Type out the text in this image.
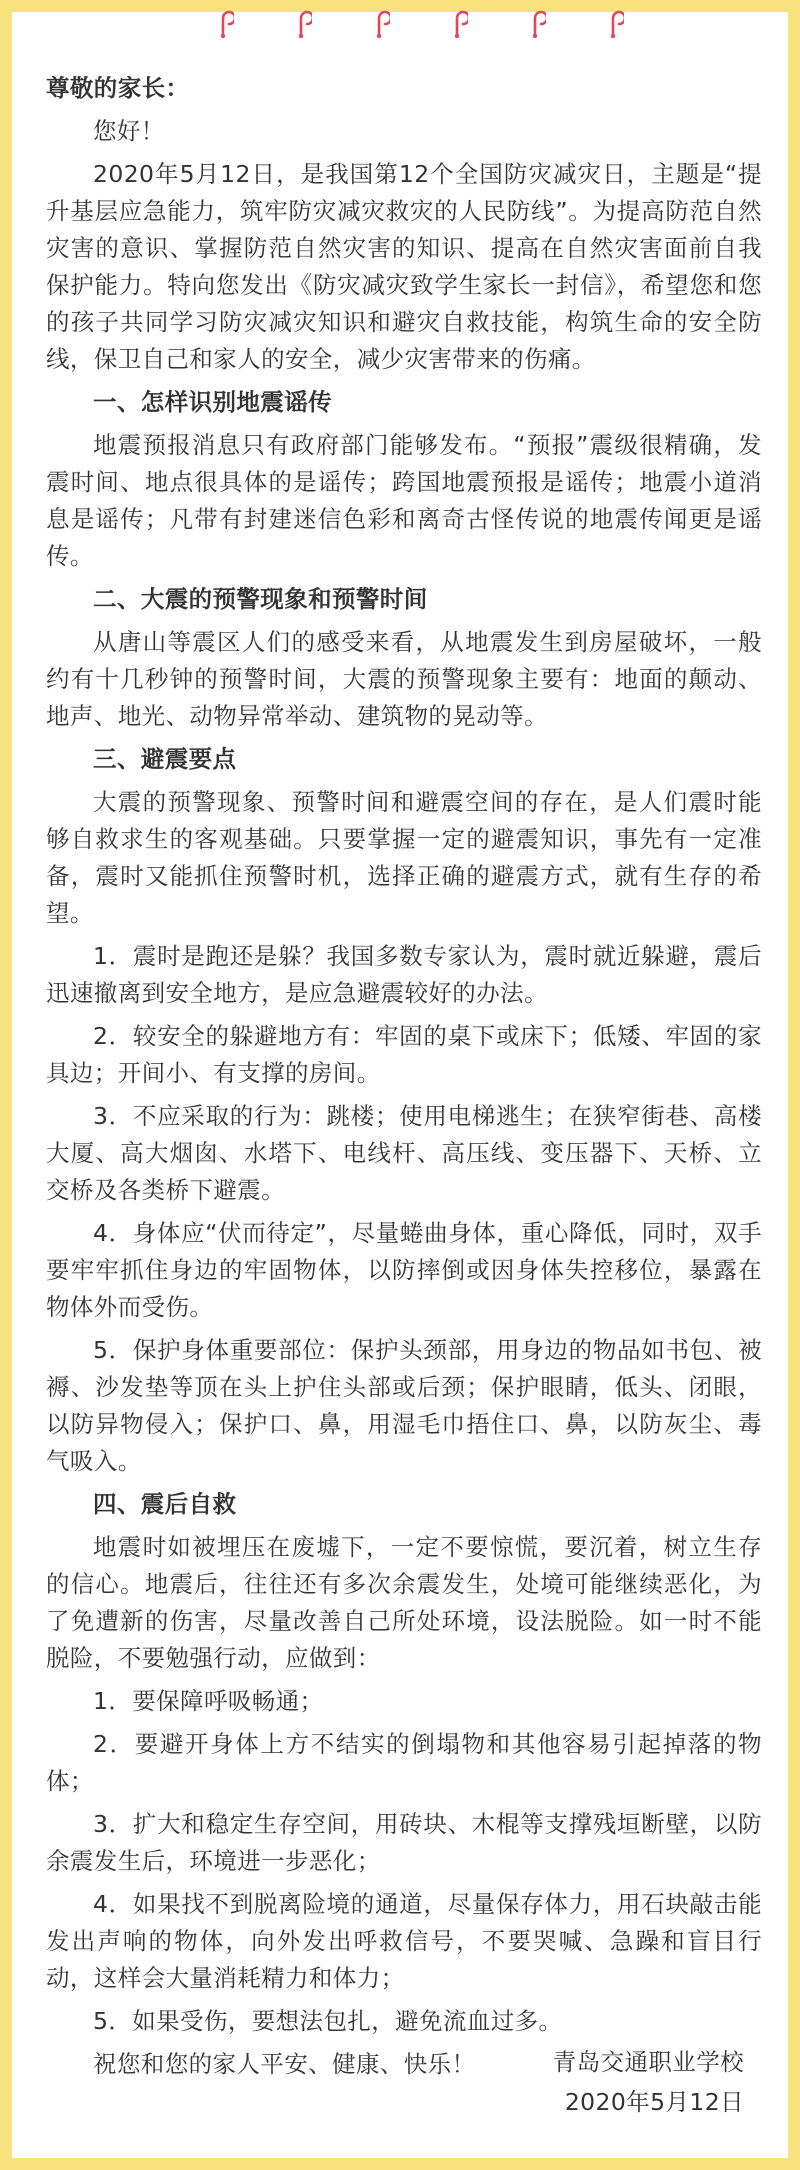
尊敬的家长：

您好！

2020年5月12日，是我国第12个全国防灾减灾日，主题是“提升基层应急能力，筑牢防灾减灾救灾的人民防线”。为提高防范自然灾害的意识、掌握防范自然灾害的知识、提高在自然灾害面前自我保护能力。特向您发出《防灾减灾致学生家长一封信》，希望您和您的孩子共同学习防灾减灾知识和避灾自救技能，构筑生命的安全防线，保卫自己和家人的安全，减少灾害带来的伤痛。

一、怎样识别地震谣传

地震预报消息只有政府部门能够发布。“预报”震级很精确，发震时间、地点很具体的是谣传；跨国地震预报是谣传；地震小道消息是谣传；凡带有封建迷信色彩和离奇古怪传说的地震传闻更是谣传。

二、大震的预警现象和预警时间

从唐山等震区人们的感受来看，从地震发生到房屋破坏，一般约有十几秒钟的预警时间，大震的预警现象主要有：地面的颠动、地声、地光、动物异常举动、建筑物的晃动等。

三、避震要点

大震的预警现象、预警时间和避震空间的存在，是人们震时能够自救求生的客观基础。只要掌握一定的避震知识，事先有一定准备，震时又能抓住预警时机，选择正确的避震方式，就有生存的希望。

1．震时是跑还是躲？我国多数专家认为，震时就近躲避，震后迅速撤离到安全地方，是应急避震较好的办法。

2．较安全的躲避地方有：牢固的桌下或床下；低矮、牢固的家具边；开间小、有支撑的房间。

3．不应采取的行为：跳楼；使用电梯逃生；在狭窄街巷、高楼大厦、高大烟囱、水塔下、电线杆、高压线、变压器下、天桥、立交桥及各类桥下避震。

4．身体应“伏而待定”，尽量蜷曲身体，重心降低，同时，双手要牢牢抓住身边的牢固物体，以防摔倒或因身体失控移位，暴露在物体外而受伤。

5．保护身体重要部位：保护头颈部，用身边的物品如书包、被褥、沙发垫等顶在头上护住头部或后颈；保护眼睛，低头、闭眼，以防异物侵入；保护口、鼻，用湿毛巾捂住口、鼻，以防灰尘、毒气吸入。

四、震后自救

地震时如被埋压在废墟下，一定不要惊慌，要沉着，树立生存的信心。地震后，往往还有多次余震发生，处境可能继续恶化，为了免遭新的伤害，尽量改善自己所处环境，设法脱险。如一时不能脱险，不要勉强行动，应做到：

1．要保障呼吸畅通；

2．要避开身体上方不结实的倒塌物和其他容易引起掉落的物体；

3．扩大和稳定生存空间，用砖块、木棍等支撑残垣断壁，以防余震发生后，环境进一步恶化；

4．如果找不到脱离险境的通道，尽量保存体力，用石块敲击能发出声响的物体，向外发出呼救信号，不要哭喊、急躁和盲目行动，这样会大量消耗精力和体力；

5．如果受伤，要想法包扎，避免流血过多。

祝您和您的家人平安、健康、快乐！	青岛交通职业学校
2020年5月12日
